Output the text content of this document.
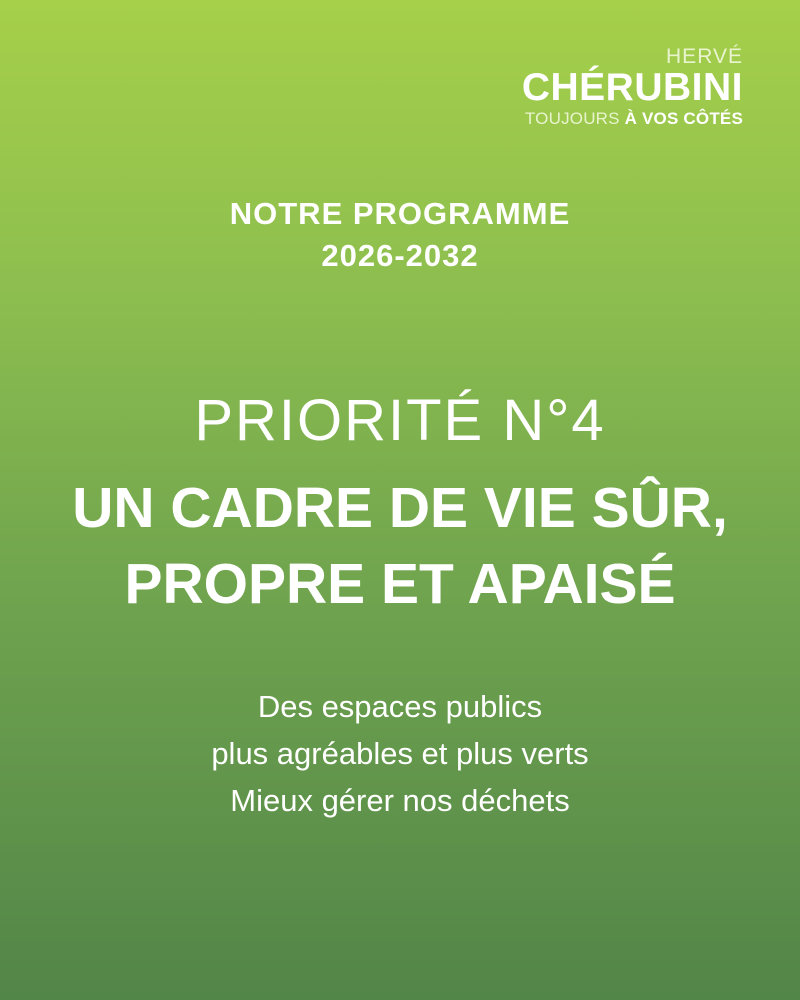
HERVÉ
CHÉRUBINI
TOUJOURS À VOS CÔTÉS
NOTRE PROGRAMME
2026-2032
PRIORITÉ N°4
UN CADRE DE VIE SÛR,
PROPRE ET APAISÉ
Des espaces publics
plus agréables et plus verts
Mieux gérer nos déchets
